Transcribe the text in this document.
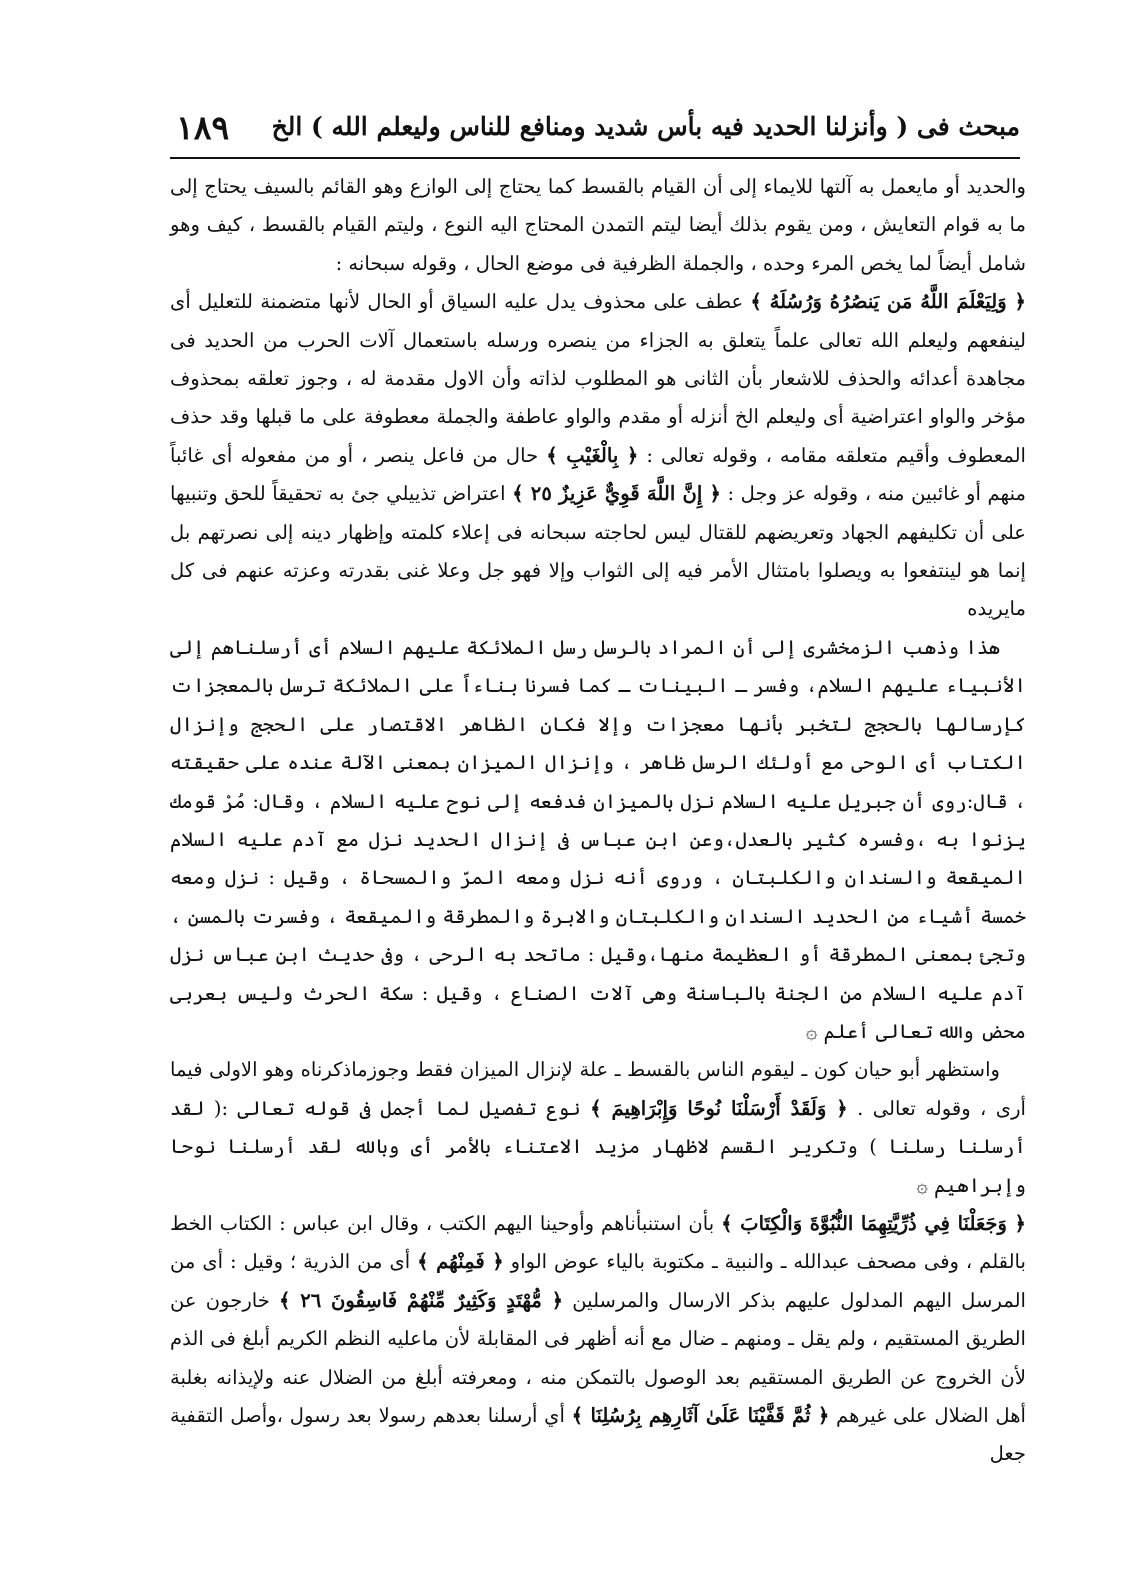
مبحث فى ( وأنزلنا الحديد فيه بأس شديد ومنافع للناس وليعلم الله ) الخ
١٨٩

والحديد أو مايعمل به آلتها للايماء إلى أن القيام بالقسط كما يحتاج إلى الوازع وهو القائم بالسيف يحتاج إلى ما به قوام التعايش ، ومن يقوم بذلك أيضا ليتم التمدن المحتاج اليه النوع ، وليتم القيام بالقسط ، كيف وهو شامل أيضاً لما يخص المرء وحده ، والجملة الظرفية فى موضع الحال ، وقوله سبحانه :

﴿ وَلِيَعْلَمَ اللَّهُ مَن يَنصُرُهُ وَرُسُلَهُ ﴾ عطف على محذوف يدل عليه السياق أو الحال لأنها متضمنة للتعليل أى لينفعهم وليعلم الله تعالى علماً يتعلق به الجزاء من ينصره ورسله باستعمال آلات الحرب من الحديد فى مجاهدة أعدائه والحذف للاشعار بأن الثانى هو المطلوب لذاته وأن الاول مقدمة له ، وجوز تعلقه بمحذوف مؤخر والواو اعتراضية أى وليعلم الخ أنزله أو مقدم والواو عاطفة والجملة معطوفة على ما قبلها وقد حذف المعطوف وأقيم متعلقه مقامه ، وقوله تعالى : ﴿ بِالْغَيْبِ ﴾ حال من فاعل ينصر ، أو من مفعوله أى غائباً منهم أو غائبين منه ، وقوله عز وجل : ﴿ إِنَّ اللَّهَ قَوِيٌّ عَزِيزٌ ٢٥ ﴾ اعتراض تذييلي جئ به تحقيقاً للحق وتنبيها على أن تكليفهم الجهاد وتعريضهم للقتال ليس لحاجته سبحانه فى إعلاء كلمته وإظهار دينه إلى نصرتهم بل إنما هو لينتفعوا به ويصلوا بامتثال الأمر فيه إلى الثواب وإلا فهو جل وعلا غنى بقدرته وعزته عنهم فى كل مايريده

هذا وذهب الزمخشرى إلى أن المراد بالرسل رسل الملائكة عليهم السلام أى أرسلناهم إلى الأنبياء عليهم السلام، وفسر ـ البينات ـ كما فسرنا بناءاً على الملائكة ترسل بالمعجزات كإرسالها بالحجج لتخبر بأنها معجزات وإلا فكان الظاهر الاقتصار على الحجج وإنزال الكتاب أى الوحى مع أولئك الرسل ظاهر ، وإنزال الميزان بمعنى الآلة عنده على حقيقته ، قال:روى أن جبريل عليه السلام نزل بالميزان فدفعه إلى نوح عليه السلام ، وقال: مُرْ قومك يزنوا به ،وفسره كثير بالعدل،وعن ابن عباس فى إنزال الحديد نزل مع آدم عليه السلام الميقعة والسندان والكلبتان ، وروى أنه نزل ومعه المرّ والمسحاة ، وقيل : نزل ومعه خمسة أشياء من الحديد السندان والكلبتان والابرة والمطرقة والميقعة ، وفسرت بالمسن ، وتجئ بمعنى المطرقة أو العظيمة منها،وقيل : ماتحد به الرحى ، وفى حديث ابن عباس نزل آدم عليه السلام من الجنة بالباسنة وهى آلات الصناع ، وقيل : سكة الحرث وليس بعربى محض والله تعالى أعلم ۞

واستظهر أبو حيان كون ـ ليقوم الناس بالقسط ـ علة لإنزال الميزان فقط وجوزماذكرناه وهو الاولى فيما أرى ، وقوله تعالى . ﴿ وَلَقَدْ أَرْسَلْنَا نُوحًا وَإِبْرَاهِيمَ ﴾ نوع تفصيل لما أجمل فى قوله تعالى :( لقد أرسلنا رسلنا ) وتكرير القسم لاظهار مزيد الاعتناء بالأمر أى وبالله لقد أرسلنا نوحا وإبراهيم ۞

﴿ وَجَعَلْنَا فِي ذُرِّيَّتِهِمَا النُّبُوَّةَ وَالْكِتَابَ ﴾ بأن استنبأناهم وأوحينا اليهم الكتب ، وقال ابن عباس : الكتاب الخط بالقلم ، وفى مصحف عبدالله ـ والنبية ـ مكتوبة بالياء عوض الواو ﴿ فَمِنْهُم ﴾ أى من الذرية ؛ وقيل : أى من المرسل اليهم المدلول عليهم بذكر الارسال والمرسلين ﴿ مُّهْتَدٍ وَكَثِيرٌ مِّنْهُمْ فَاسِقُونَ ٢٦ ﴾ خارجون عن الطريق المستقيم ، ولم يقل ـ ومنهم ـ ضال مع أنه أظهر فى المقابلة لأن ماعليه النظم الكريم أبلغ فى الذم لأن الخروج عن الطريق المستقيم بعد الوصول بالتمكن منه ، ومعرفته أبلغ من الضلال عنه ولإيذانه بغلبة أهل الضلال على غيرهم ﴿ ثُمَّ قَفَّيْنَا عَلَىٰ آثَارِهِم بِرُسُلِنَا ﴾ أي أرسلنا بعدهم رسولا بعد رسول ،وأصل التقفية جعل
